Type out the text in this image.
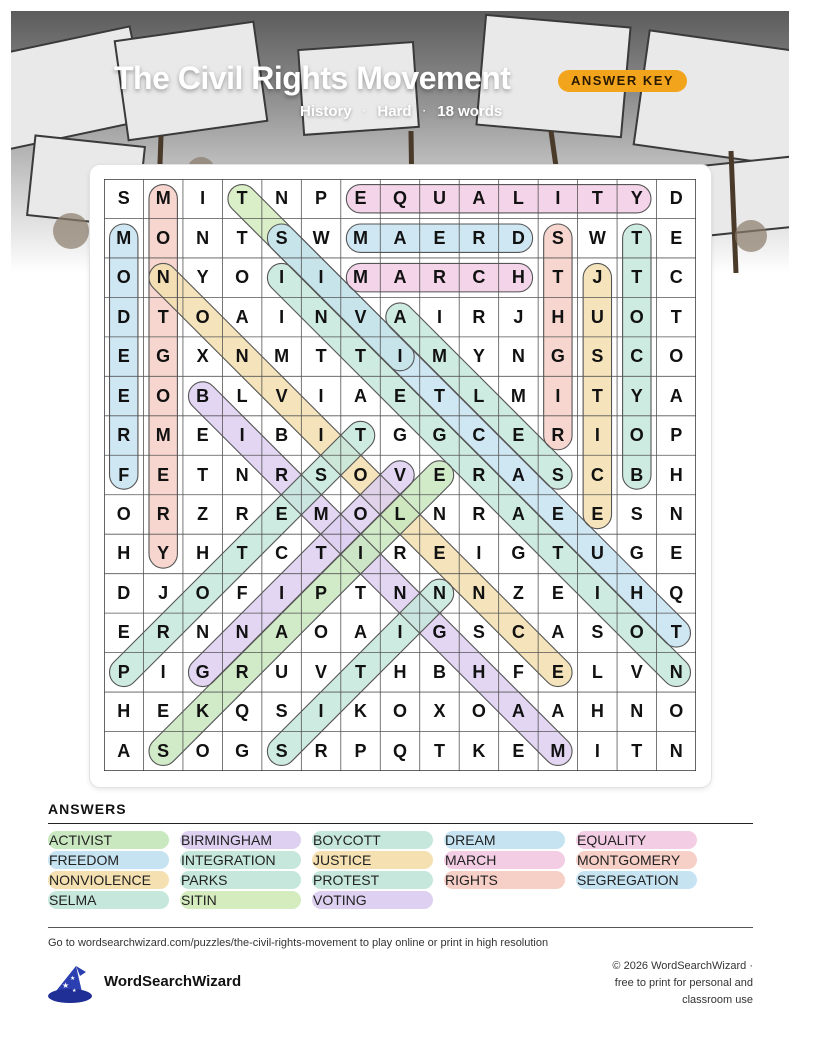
The Civil Rights Movement	ANSWER KEY
History · Hard · 18 words
S	M	I	T	N	P	E	Q	U	A	L	I	T	Y	D
M	O	N	T	S	W	M	A	E	R	D	S	W	T	E
O	N	Y	O	I	I	M	A	R	C	H	T	J	T	C
D	T	O	A	I	N	V	A	I	R	J	H	U	O	T
E	G	X	N	M	T	T	I	M	Y	N	G	S	C	O
E	O	B	L	V	I	A	E	T	L	M	I	T	Y	A
R	M	E	I	B	I	T	G	G	C	E	R	I	O	P
F	E	T	N	R	S	O	V	E	R	A	S	C	B	H
O	R	Z	R	E	M	O	L	N	R	A	E	E	S	N
H	Y	H	T	C	T	I	R	E	I	G	T	U	G	E
D	J	O	F	I	P	T	N	N	N	Z	E	I	H	Q
E	R	N	N	A	O	A	I	G	S	C	A	S	O	T
P	I	G	R	U	V	T	H	B	H	F	E	L	V	N
H	E	K	Q	S	I	K	O	X	O	A	A	H	N	O
A	S	O	G	S	R	P	Q	T	K	E	M	I	T	N
ANSWERS
ACTIVIST	BIRMINGHAM	BOYCOTT	DREAM	EQUALITY
FREEDOM	INTEGRATION	JUSTICE	MARCH	MONTGOMERY
NONVIOLENCE	PARKS	PROTEST	RIGHTS	SEGREGATION
SELMA	SITIN	VOTING
Go to wordsearchwizard.com/puzzles/the-civil-rights-movement to play online or print in high resolution
★
★
★
WordSearchWizard
© 2026 WordSearchWizard ·
free to print for personal and
classroom use
